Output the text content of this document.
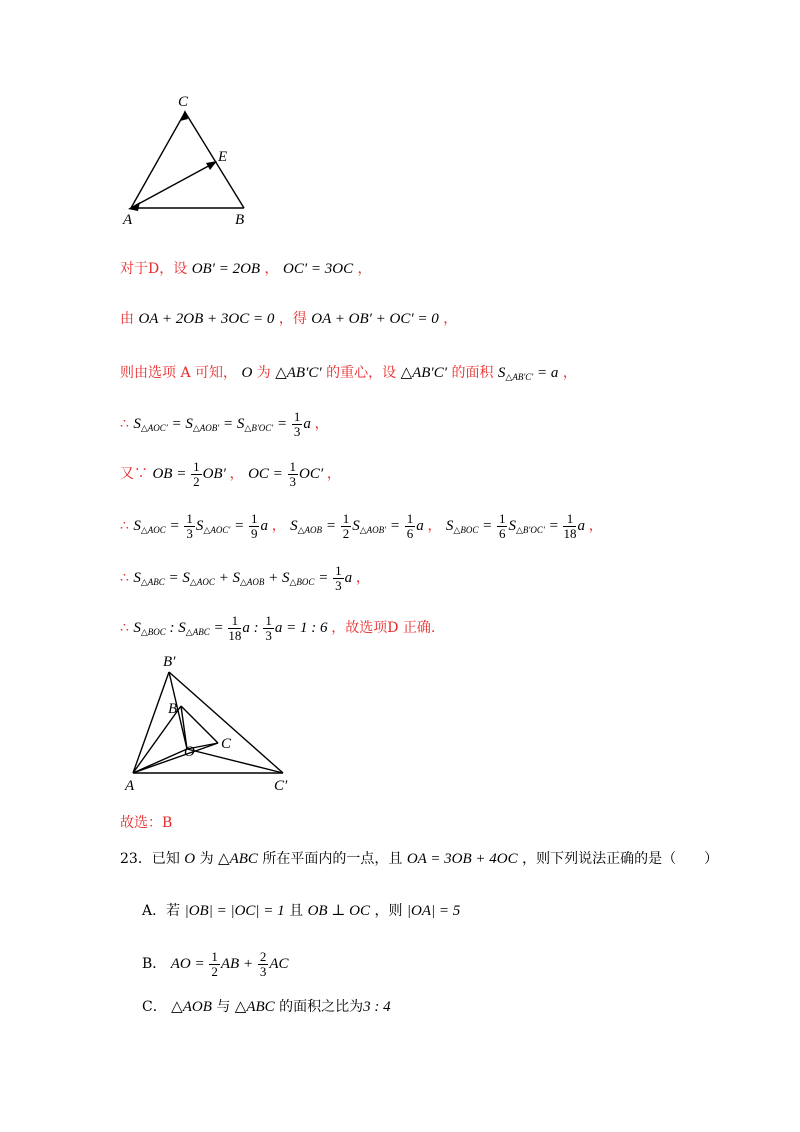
C
E
A	B
对于D，设 OB′ = 2OB ， OC′ = 3OC ，
由 OA + 2OB + 3OC = 0 ，得 OA + OB′ + OC′ = 0 ，
则由选项 A 可知， O 为 △AB′C′ 的重心，设 △AB′C′ 的面积 $S_{\triangle AB'C'} = a$ ，
∴ $S_{\triangle AOC'} = S_{\triangle AOB'} = S_{\triangle B'OC'} = \frac{1}{3}$ a ，
又∵ OB = $\frac{1}{2} OB'$ ， OC = $\frac{1}{3} OC'$ ，
∴ $S_{\triangle AOC} = \frac{1}{3} S_{\triangle AOC'} = \frac{1}{9}$ a ， $S_{\triangle AOB} = \frac{1}{2} S_{\triangle AOB'} = \frac{1}{6}$ a ， $S_{\triangle BOC} = \frac{1}{6} S_{\triangle B'OC'} = \frac{1}{18}$ a ，
∴ $S_{\triangle ABC} = S_{\triangle AOC} + S_{\triangle AOB} + S_{\triangle BOC} = \frac{1}{3}$ a ，
∴ $S_{\triangle BOC}$ : $S_{\triangle ABC} = \frac{1}{18}$ a : $\frac{1}{3}$ a = 1 : 6 ，故选项D 正确.
B′
B
O C
A	C′
故选：B
23．已知 O 为 △ABC 所在平面内的一点，且 OA = 3OB + 4OC ，则下列说法正确的是（　　）
A．若 |OB| = |OC| = 1 且 OB ⊥ OC ，则 |OA| = 5
B． AO = $\frac{1}{2}$ AB + $\frac{2}{3}$ AC
C． △AOB 与 △ABC 的面积之比为3 : 4
